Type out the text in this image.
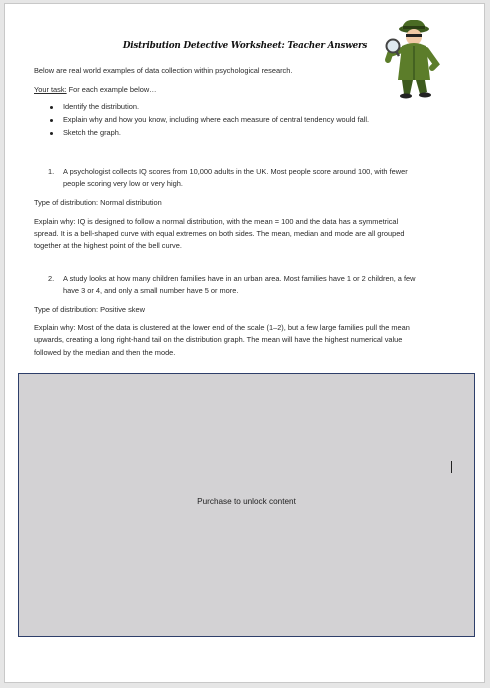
Distribution Detective Worksheet: Teacher Answers
Below are real world examples of data collection within psychological research.
Your task: For each example below…
Identify the distribution.
Explain why and how you know, including where each measure of central tendency would fall.
Sketch the graph.
1. A psychologist collects IQ scores from 10,000 adults in the UK. Most people score around 100, with fewer
people scoring very low or very high.
Type of distribution: Normal distribution
Explain why: IQ is designed to follow a normal distribution, with the mean = 100 and the data has a symmetrical
spread. It is a bell-shaped curve with equal extremes on both sides. The mean, median and mode are all grouped
together at the highest point of the bell curve.
2. A study looks at how many children families have in an urban area. Most families have 1 or 2 children, a few
have 3 or 4, and only a small number have 5 or more.
Type of distribution: Positive skew
Explain why: Most of the data is clustered at the lower end of the scale (1–2), but a few large families pull the mean
upwards, creating a long right-hand tail on the distribution graph. The mean will have the highest numerical value
followed by the median and then the mode.
Purchase to unlock content
